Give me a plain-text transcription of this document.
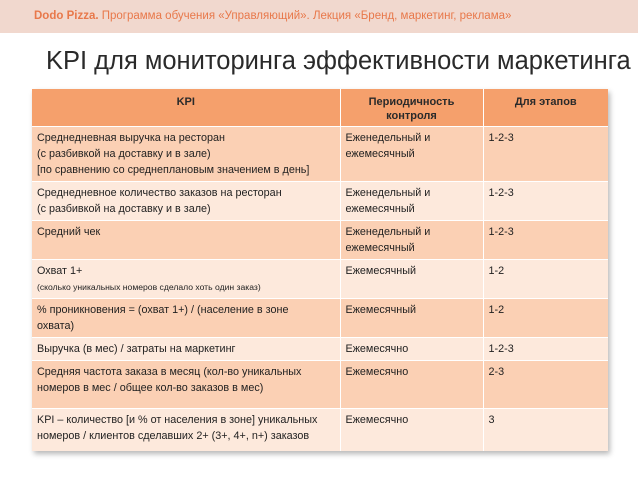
Dodo Pizza. Программа обучения «Управляющий». Лекция «Бренд, маркетинг, реклама»
KPI для мониторинга эффективности маркетинга
KPI	Периодичность контроля	Для этапов
Среднедневная выручка на ресторан
(с разбивкой на доставку и в зале)
[по сравнению со среднеплановым значением в день]	Еженедельный и ежемесячный	1-2-3
Среднедневное количество заказов на ресторан
(с разбивкой на доставку и в зале)	Еженедельный и ежемесячный	1-2-3
Средний чек	Еженедельный и ежемесячный	1-2-3
Охват 1+
(сколько уникальных номеров сделало хоть один заказ)	Ежемесячный	1-2
% проникновения = (охват 1+) / (население в зоне
охвата)	Ежемесячный	1-2
Выручка (в мес) / затраты на маркетинг	Ежемесячно	1-2-3
Средняя частота заказа в месяц (кол-во уникальных
номеров в мес / общее кол-во заказов в мес)	Ежемесячно	2-3
KPI – количество [и % от населения в зоне] уникальных
номеров / клиентов сделавших 2+ (3+, 4+, n+) заказов	Ежемесячно	3
